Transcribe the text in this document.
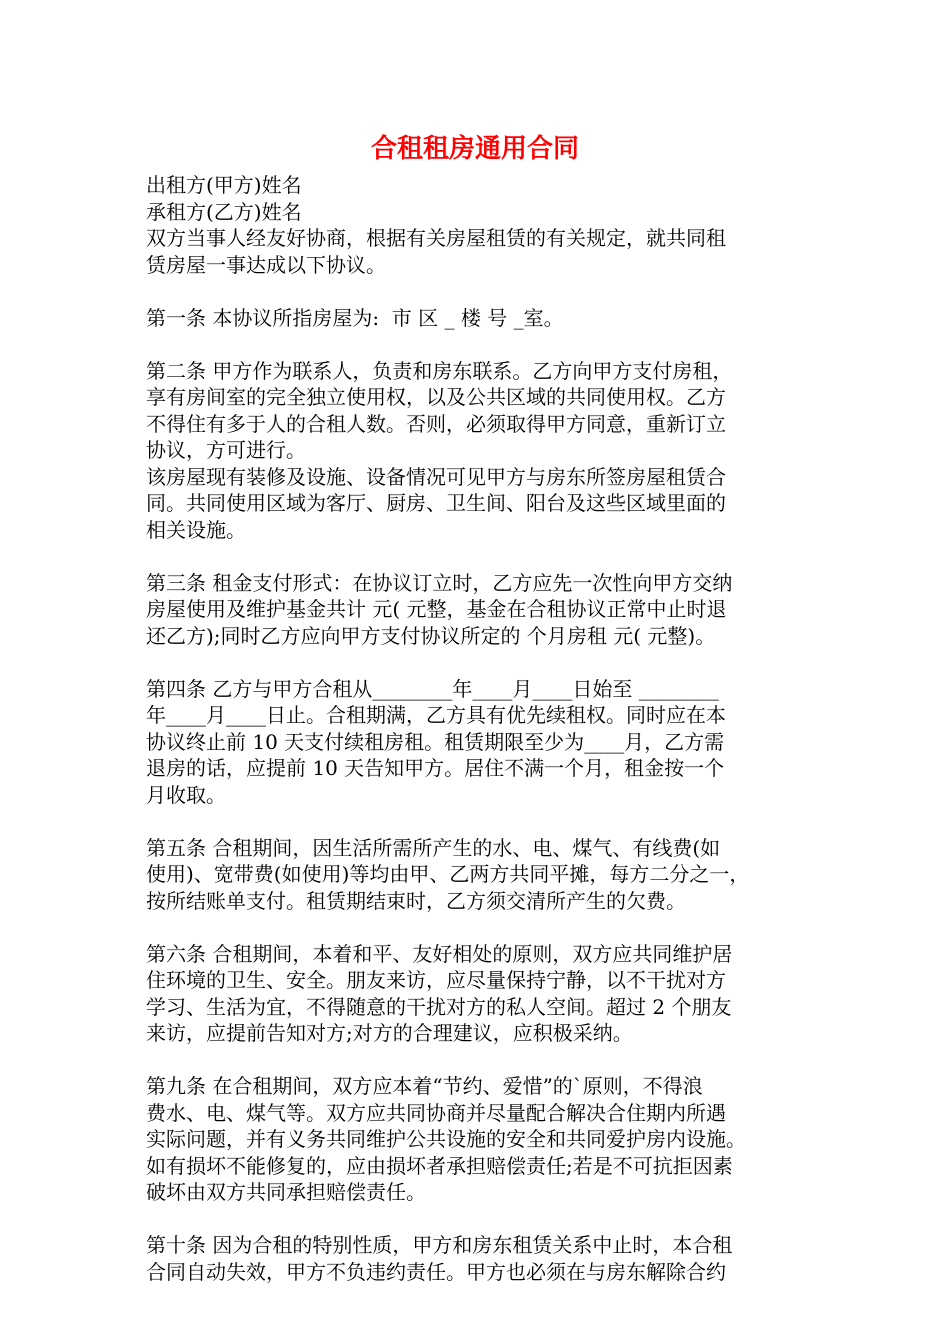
合租租房通用合同
出租方(甲方)姓名
承租方(乙方)姓名
双方当事人经友好协商，根据有关房屋租赁的有关规定，就共同租
赁房屋一事达成以下协议。
第一条 本协议所指房屋为:  市 区 _ 楼 号 _室。
第二条 甲方作为联系人，负责和房东联系。乙方向甲方支付房租，
享有房间室的完全独立使用权，以及公共区域的共同使用权。乙方
不得住有多于人的合租人数。否则，必须取得甲方同意，重新订立
协议，方可进行。
该房屋现有装修及设施、设备情况可见甲方与房东所签房屋租赁合
同。共同使用区域为客厅、厨房、卫生间、阳台及这些区域里面的
相关设施。
第三条 租金支付形式：在协议订立时，乙方应先一次性向甲方交纳
房屋使用及维护基金共计 元( 元整，基金在合租协议正常中止时退
还乙方);同时乙方应向甲方支付协议所定的 个月房租 元( 元整)。
第四条 乙方与甲方合租从________年____月____日始至 ________
年____月____日止。合租期满，乙方具有优先续租权。同时应在本
协议终止前 10 天支付续租房租。租赁期限至少为____月，乙方需
退房的话，应提前 10 天告知甲方。居住不满一个月，租金按一个
月收取。
第五条 合租期间，因生活所需所产生的水、电、煤气、有线费(如
使用)、宽带费(如使用)等均由甲、乙两方共同平摊，每方二分之一，
按所结账单支付。租赁期结束时，乙方须交清所产生的欠费。
第六条 合租期间，本着和平、友好相处的原则，双方应共同维护居
住环境的卫生、安全。朋友来访，应尽量保持宁静，以不干扰对方
学习、生活为宜，不得随意的干扰对方的私人空间。超过 2 个朋友
来访，应提前告知对方;对方的合理建议，应积极采纳。
第九条 在合租期间，双方应本着“节约、爱惜”的`原则，不得浪
费水、电、煤气等。双方应共同协商并尽量配合解决合住期内所遇
实际问题，并有义务共同维护公共设施的安全和共同爱护房内设施。
如有损坏不能修复的，应由损坏者承担赔偿责任;若是不可抗拒因素
破坏由双方共同承担赔偿责任。
第十条 因为合租的特别性质，甲方和房东租赁关系中止时，本合租
合同自动失效，甲方不负违约责任。甲方也必须在与房东解除合约
